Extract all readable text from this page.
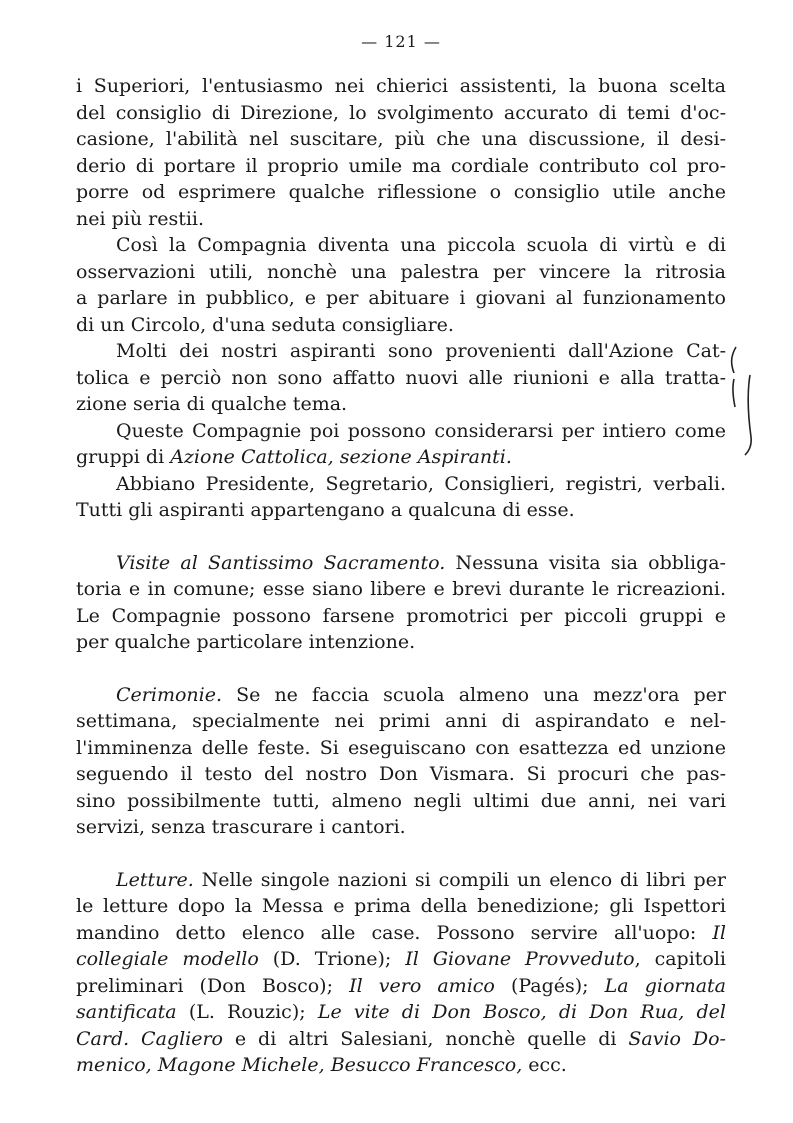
— 121 —
i Superiori, l'entusiasmo nei chierici assistenti, la buona scelta
del consiglio di Direzione, lo svolgimento accurato di temi d'oc-
casione, l'abilità nel suscitare, più che una discussione, il desi-
derio di portare il proprio umile ma cordiale contributo col pro-
porre od esprimere qualche riflessione o consiglio utile anche
nei più restii.
Così la Compagnia diventa una piccola scuola di virtù e di
osservazioni utili, nonchè una palestra per vincere la ritrosia
a parlare in pubblico, e per abituare i giovani al funzionamento
di un Circolo, d'una seduta consigliare.
Molti dei nostri aspiranti sono provenienti dall'Azione Cat-
tolica e perciò non sono affatto nuovi alle riunioni e alla tratta-
zione seria di qualche tema.
Queste Compagnie poi possono considerarsi per intiero come
gruppi di Azione Cattolica, sezione Aspiranti.
Abbiano Presidente, Segretario, Consiglieri, registri, verbali.
Tutti gli aspiranti appartengano a qualcuna di esse.
Visite al Santissimo Sacramento. Nessuna visita sia obbliga-
toria e in comune; esse siano libere e brevi durante le ricreazioni.
Le Compagnie possono farsene promotrici per piccoli gruppi e
per qualche particolare intenzione.
Cerimonie. Se ne faccia scuola almeno una mezz'ora per
settimana, specialmente nei primi anni di aspirandato e nel-
l'imminenza delle feste. Si eseguiscano con esattezza ed unzione
seguendo il testo del nostro Don Vismara. Si procuri che pas-
sino possibilmente tutti, almeno negli ultimi due anni, nei vari
servizi, senza trascurare i cantori.
Letture. Nelle singole nazioni si compili un elenco di libri per
le letture dopo la Messa e prima della benedizione; gli Ispettori
mandino detto elenco alle case. Possono servire all'uopo: Il
collegiale modello (D. Trione); Il Giovane Provveduto, capitoli
preliminari (Don Bosco); Il vero amico (Pagés); La giornata
santificata (L. Rouzic); Le vite di Don Bosco, di Don Rua, del
Card. Cagliero e di altri Salesiani, nonchè quelle di Savio Do-
menico, Magone Michele, Besucco Francesco, ecc.
